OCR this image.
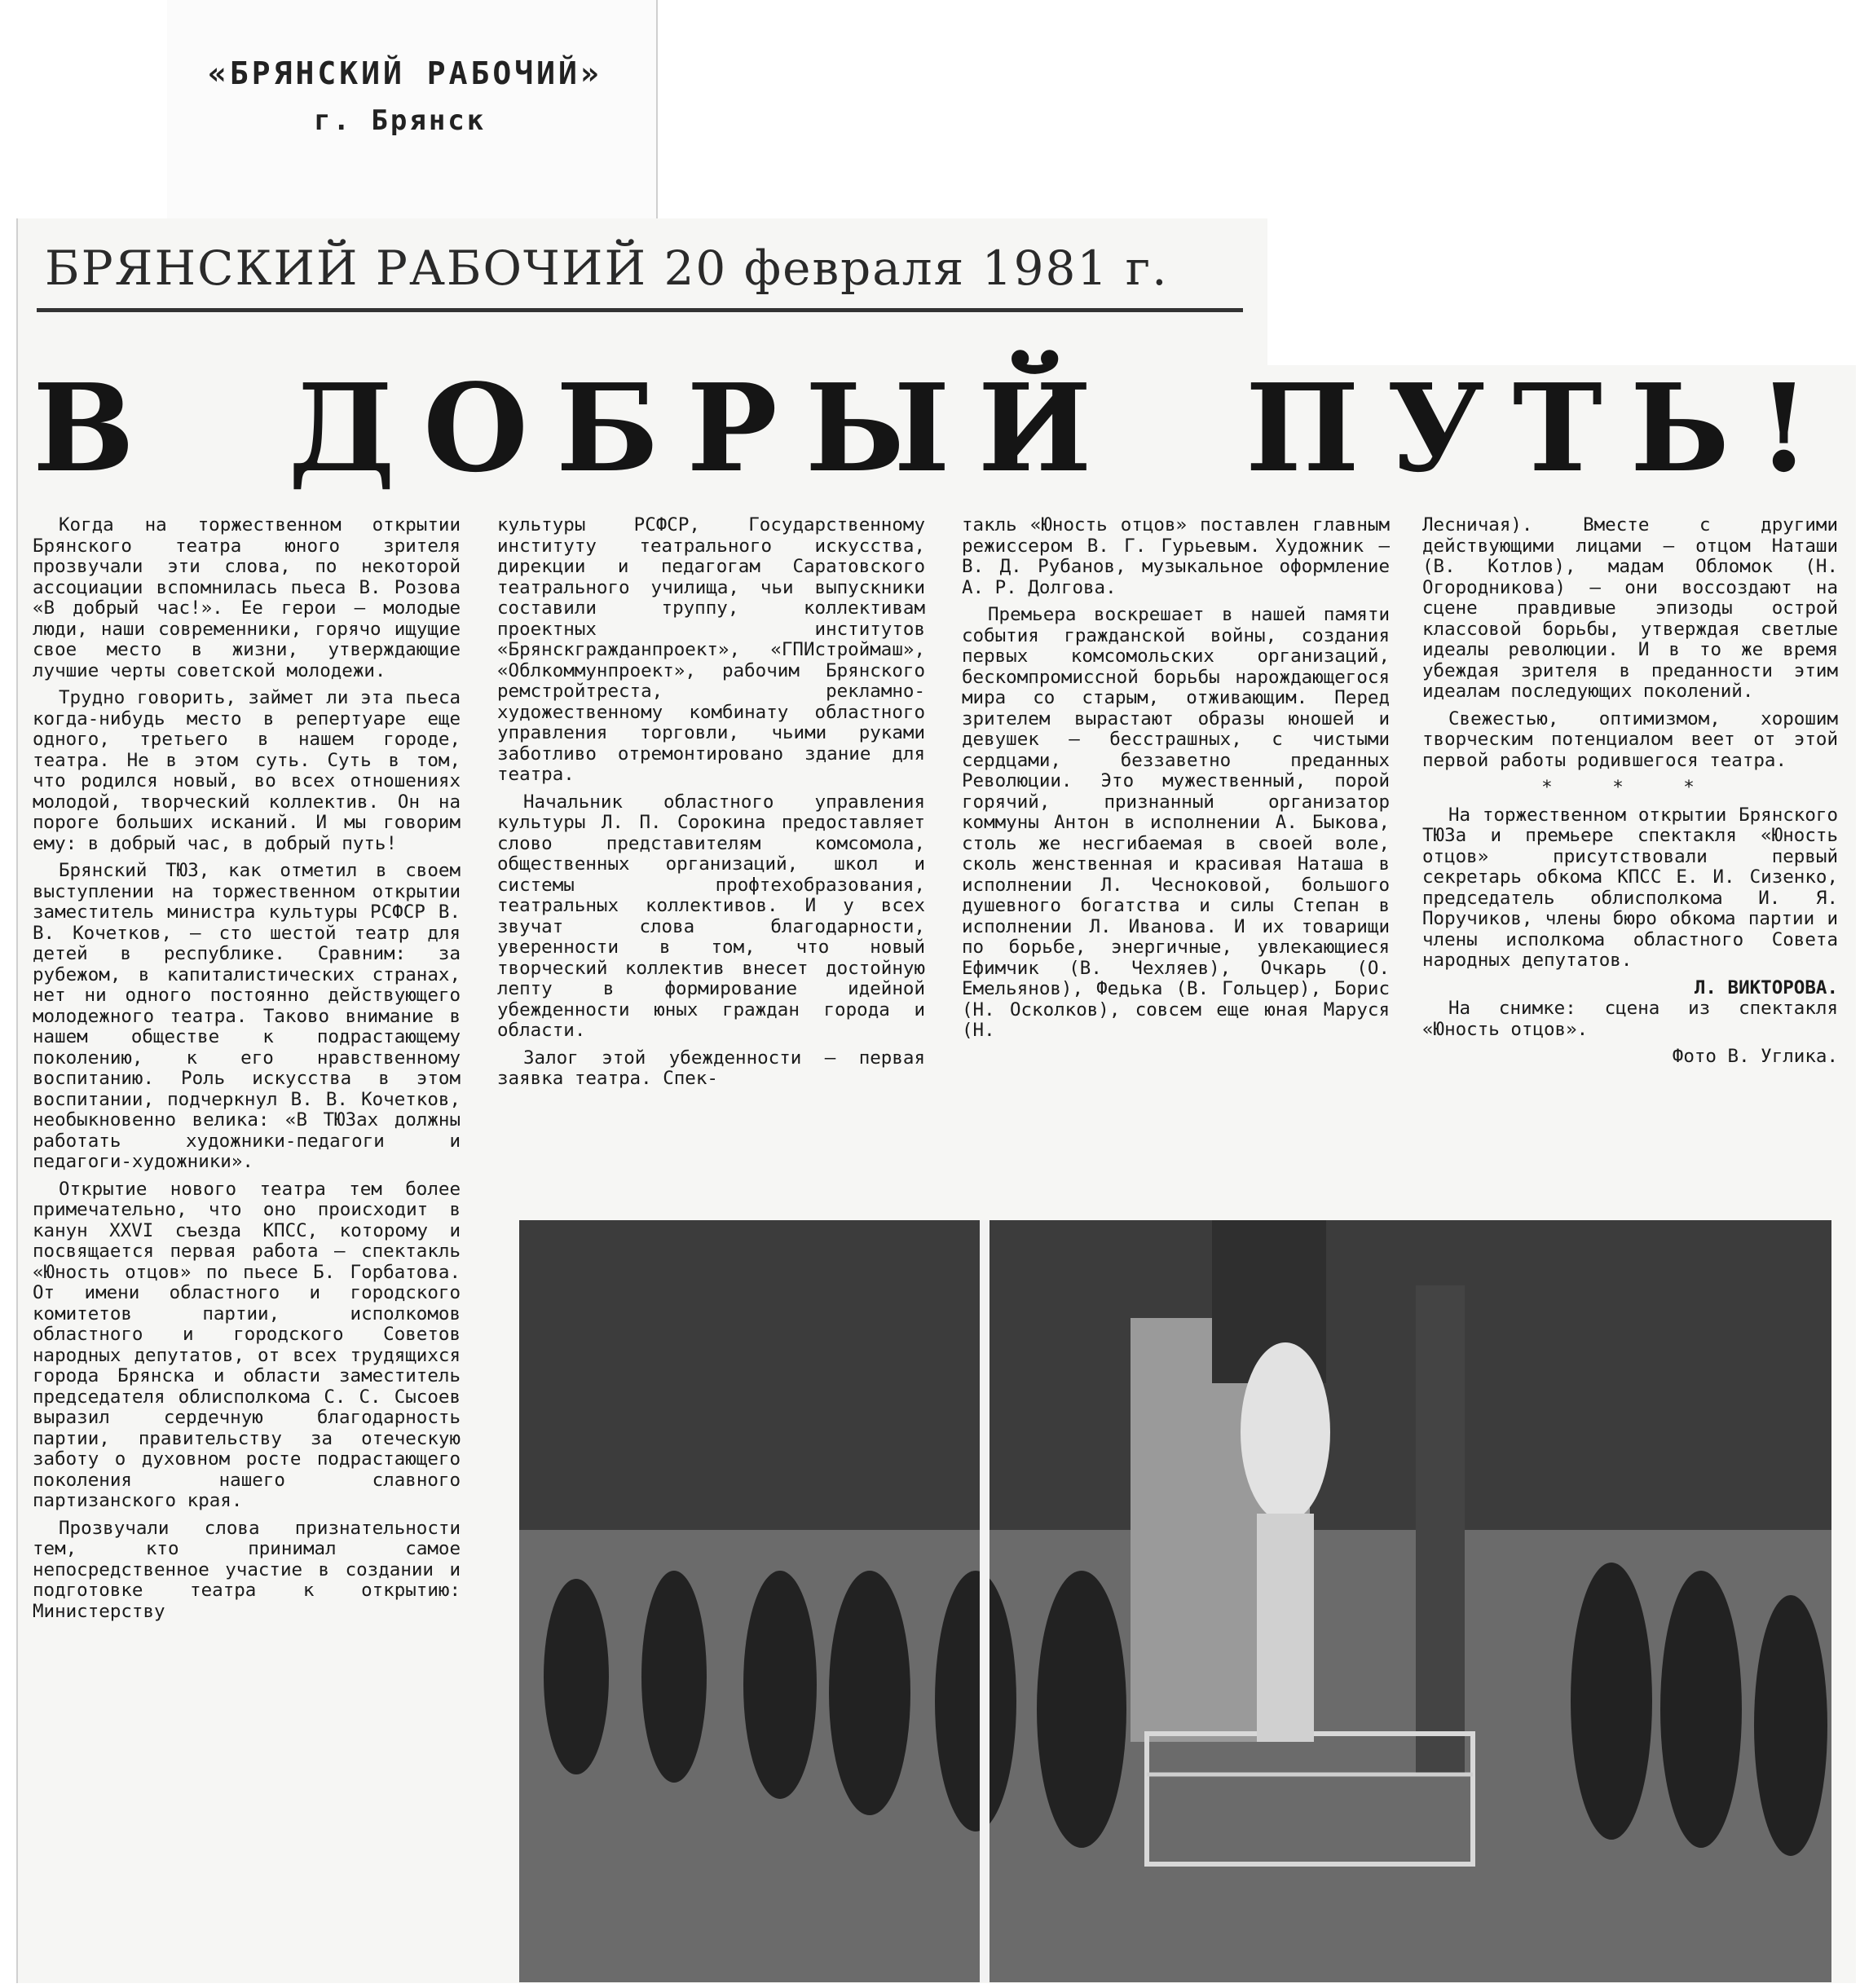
«БРЯНСКИЙ РАБОЧИЙ»
г. Брянск
БРЯНСКИЙ РАБОЧИЙ 20 февраля 1981 г.
В ДОБРЫЙ ПУТЬ!

Когда на торжественном открытии Брянского театра юного зрителя прозвучали эти слова, по некоторой ассоциации вспомнилась пьеса В. Розова «В добрый час!». Ее герои — молодые люди, наши современники, горячо ищущие свое место в жизни, утверждающие лучшие черты советской молодежи.

Трудно говорить, займет ли эта пьеса когда-нибудь место в репертуаре еще одного, третьего в нашем городе, театра. Не в этом суть. Суть в том, что родился новый, во всех отношениях молодой, творческий коллектив. Он на пороге больших исканий. И мы говорим ему: в добрый час, в добрый путь!

Брянский ТЮЗ, как отметил в своем выступлении на торжественном открытии заместитель министра культуры РСФСР В. В. Кочетков, — сто шестой театр для детей в республике. Сравним: за рубежом, в капиталистических странах, нет ни одного постоянно действующего молодежного театра. Таково внимание в нашем обществе к подрастающему поколению, к его нравственному воспитанию. Роль искусства в этом воспитании, подчеркнул В. В. Кочетков, необыкновенно велика: «В ТЮЗах должны работать художники-педагоги и педагоги-художники».

Открытие нового театра тем более примечательно, что оно происходит в канун XXVI съезда КПСС, которому и посвящается первая работа — спектакль «Юность отцов» по пьесе Б. Горбатова. От имени областного и городского комитетов партии, исполкомов областного и городского Советов народных депутатов, от всех трудящихся города Брянска и области заместитель председателя облисполкома С. С. Сысоев выразил сердечную благодарность партии, правительству за отеческую заботу о духовном росте подрастающего поколения нашего славного партизанского края.

Прозвучали слова признательности тем, кто принимал самое непосредственное участие в создании и подготовке театра к открытию: Министерству

культуры РСФСР, Государственному институту театрального искусства, дирекции и педагогам Саратовского театрального училища, чьи выпускники составили труппу, коллективам проектных институтов «Брянскгражданпроект», «ГПИстроймаш», «Облкоммунпроект», рабочим Брянского ремстройтреста, рекламно-художественному комбинату областного управления торговли, чьими руками заботливо отремонтировано здание для театра.

Начальник областного управления культуры Л. П. Сорокина предоставляет слово представителям комсомола, общественных организаций, школ и системы профтехобразования, театральных коллективов. И у всех звучат слова благодарности, уверенности в том, что новый творческий коллектив внесет достойную лепту в формирование идейной убежденности юных граждан города и области.

Залог этой убежденности — первая заявка театра. Спек-

такль «Юность отцов» поставлен главным режиссером В. Г. Гурьевым. Художник — В. Д. Рубанов, музыкальное оформление А. Р. Долгова.

Премьера воскрешает в нашей памяти события гражданской войны, создания первых комсомольских организаций, бескомпромиссной борьбы нарождающегося мира со старым, отживающим. Перед зрителем вырастают образы юношей и девушек — бесстрашных, с чистыми сердцами, беззаветно преданных Революции. Это мужественный, порой горячий, признанный организатор коммуны Антон в исполнении А. Быкова, столь же несгибаемая в своей воле, сколь женственная и красивая Наташа в исполнении Л. Чесноковой, большого душевного богатства и силы Степан в исполнении Л. Иванова. И их товарищи по борьбе, энергичные, увлекающиеся Ефимчик (В. Чехляев), Очкарь (О. Емельянов), Федька (В. Гольцер), Борис (Н. Осколков), совсем еще юная Маруся (Н.

Лесничая). Вместе с другими действующими лицами — отцом Наташи (В. Котлов), мадам Обломок (Н. Огородникова) — они воссоздают на сцене правдивые эпизоды острой классовой борьбы, утверждая светлые идеалы революции. И в то же время убеждая зрителя в преданности этим идеалам последующих поколений.

Свежестью, оптимизмом, хорошим творческим потенциалом веет от этой первой работы родившегося театра.

* * *

На торжественном открытии Брянского ТЮЗа и премьере спектакля «Юность отцов» присутствовали первый секретарь обкома КПСС Е. И. Сизенко, председатель облисполкома И. Я. Поручиков, члены бюро обкома партии и члены исполкома областного Совета народных депутатов.

Л. ВИКТОРОВА.

На снимке: сцена из спектакля «Юность отцов».

Фото В. Углика.
